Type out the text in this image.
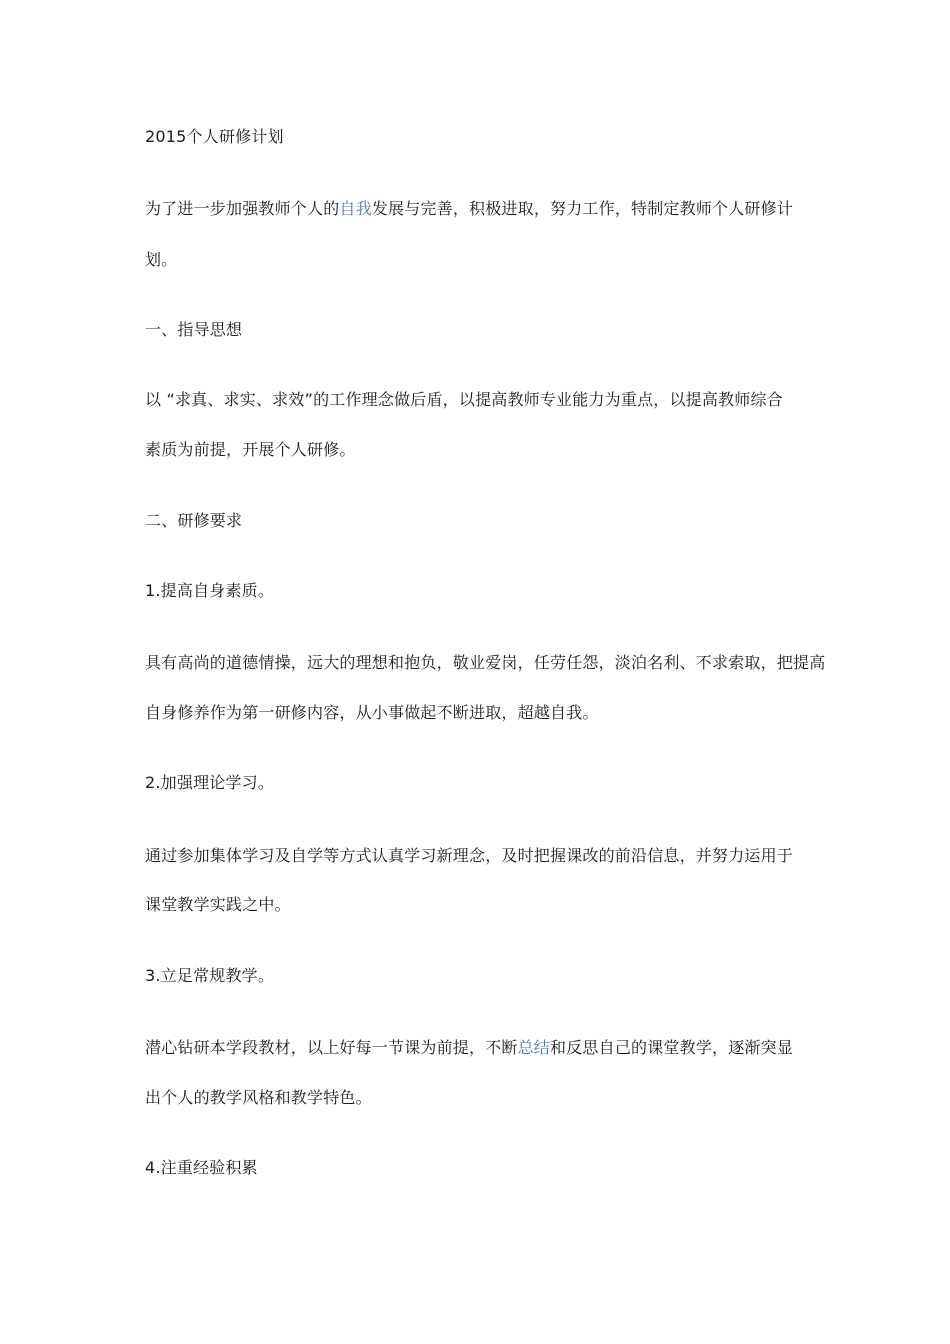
2015个人研修计划
为了进一步加强教师个人的自我发展与完善，积极进取，努力工作，特制定教师个人研修计
划。
一、指导思想
以 “求真、求实、求效”的工作理念做后盾，以提高教师专业能力为重点，以提高教师综合
素质为前提，开展个人研修。
二、研修要求
1.提高自身素质。
具有高尚的道德情操，远大的理想和抱负，敬业爱岗，任劳任怨，淡泊名利、不求索取，把提高
自身修养作为第一研修内容，从小事做起不断进取，超越自我。
2.加强理论学习。
通过参加集体学习及自学等方式认真学习新理念，及时把握课改的前沿信息，并努力运用于
课堂教学实践之中。
3.立足常规教学。
潜心钻研本学段教材，以上好每一节课为前提，不断总结和反思自己的课堂教学，逐渐突显
出个人的教学风格和教学特色。
4.注重经验积累
